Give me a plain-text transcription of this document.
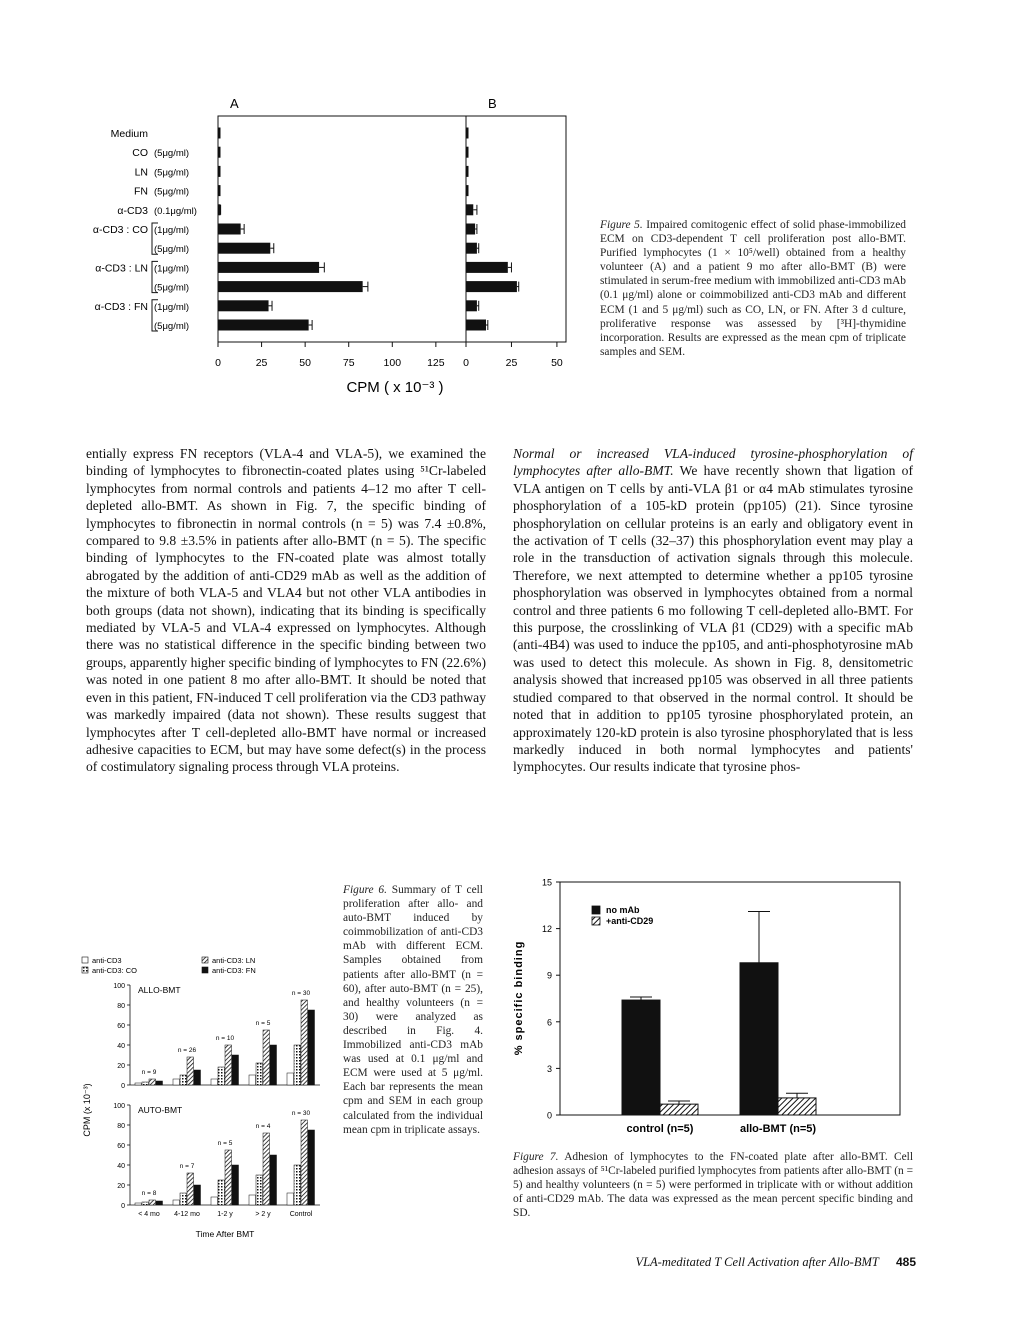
A	B
Medium
CO (5μg/ml)
LN (5μg/ml)
FN (5μg/ml)
α-CD3 (0.1μg/ml)
α-CD3 : CO (1μg/ml)
(5μg/ml)
α-CD3 : LN (1μg/ml)
(5μg/ml)
α-CD3 : FN (1μg/ml)
(5μg/ml)
0	25	50	75	100 125 0	25	50
CPM ( x 10⁻³ )
Figure 5. Impaired comitogenic effect of solid phase-immobilized ECM on CD3-dependent T cell proliferation post allo-BMT. Purified lymphocytes (1 × 10⁵/well) obtained from a healthy volunteer (A) and a patient 9 mo after allo-BMT (B) were stimulated in serum-free medium with immobilized anti-CD3 mAb (0.1 μg/ml) alone or coimmobilized anti-CD3 mAb and different ECM (1 and 5 μg/ml) such as CO, LN, or FN. After 3 d culture, proliferative response was assessed by [³H]-thymidine incorporation. Results are expressed as the mean cpm of triplicate samples and SEM.
entially express FN receptors (VLA-4 and VLA-5), we examined the binding of lymphocytes to fibronectin-coated plates using ⁵¹Cr-labeled lymphocytes from normal controls and patients 4–12 mo after T cell-depleted allo-BMT. As shown in Fig. 7, the specific binding of lymphocytes to fibronectin in normal controls (n = 5) was 7.4 ±0.8%, compared to 9.8 ±3.5% in patients after allo-BMT (n = 5). The specific binding of lymphocytes to the FN-coated plate was almost totally abrogated by the addition of anti-CD29 mAb as well as the addition of the mixture of both VLA-5 and VLA4 but not other VLA antibodies in both groups (data not shown), indicating that its binding is specifically mediated by VLA-5 and VLA-4 expressed on lymphocytes. Although there was no statistical difference in the specific binding between two groups, apparently higher specific binding of lymphocytes to FN (22.6%) was noted in one patient 8 mo after allo-BMT. It should be noted that even in this patient, FN-induced T cell proliferation via the CD3 pathway was markedly impaired (data not shown). These results suggest that lymphocytes after T cell-depleted allo-BMT have normal or increased adhesive capacities to ECM, but may have some defect(s) in the process of costimulatory signaling process through VLA proteins.
Normal or increased VLA-induced tyrosine-phosphorylation of lymphocytes after allo-BMT. We have recently shown that ligation of VLA antigen on T cells by anti-VLA β1 or α4 mAb stimulates tyrosine phosphorylation of a 105-kD protein (pp105) (21). Since tyrosine phosphorylation on cellular proteins is an early and obligatory event in the activation of T cells (32–37) this phosphorylation event may play a role in the transduction of activation signals through this molecule. Therefore, we next attempted to determine whether a pp105 tyrosine phosphorylation was observed in lymphocytes obtained from a normal control and three patients 6 mo following T cell-depleted allo-BMT. For this purpose, the crosslinking of VLA β1 (CD29) with a specific mAb (anti-4B4) was used to induce the pp105, and anti-phosphotyrosine mAb was used to detect this molecule. As shown in Fig. 8, densitometric analysis showed that increased pp105 was observed in all three patients studied compared to that observed in the normal control. It should be noted that in addition to pp105 tyrosine phosphorylated protein, an approximately 120-kD protein is also tyrosine phosphorylated that is less markedly induced in both normal lymphocytes and patients' lymphocytes. Our results indicate that tyrosine phos-
anti-CD3
anti-CD3: CO
anti-CD3: LN
anti-CD3: FN
CPM (x 10⁻³)	0
20
40
60
80
100 ALLO-BMT
n = 9
n = 26
n = 10
n = 5
n = 30
0
20
40
60
80
100 AUTO-BMT
n = 8
< 4 mo
n = 7
4-12 mo
n = 5
1-2 y
n = 4
> 2 y
n = 30
Control
Time After BMT
Figure 6. Summary of T cell proliferation after allo- and auto-BMT induced by coimmobilization of anti-CD3 mAb with different ECM. Samples obtained from patients after allo-BMT (n = 60), after auto-BMT (n = 25), and healthy volunteers (n = 30) were analyzed as described in Fig. 4. Immobilized anti-CD3 mAb was used at 0.1 μg/ml and ECM were used at 5 μg/ml. Each bar represents the mean cpm and SEM in each group calculated from the individual mean cpm in triplicate assays.
0
3
6
9
12
15
% specific binding
control (n=5)	allo-BMT (n=5)
no mAb
+anti-CD29
Figure 7. Adhesion of lymphocytes to the FN-coated plate after allo-BMT. Cell adhesion assays of ⁵¹Cr-labeled purified lymphocytes from patients after allo-BMT (n = 5) and healthy volunteers (n = 5) were performed in triplicate with or without addition of anti-CD29 mAb. The data was expressed as the mean percent specific binding and SD.
VLA-meditated T Cell Activation after Allo-BMT 485
